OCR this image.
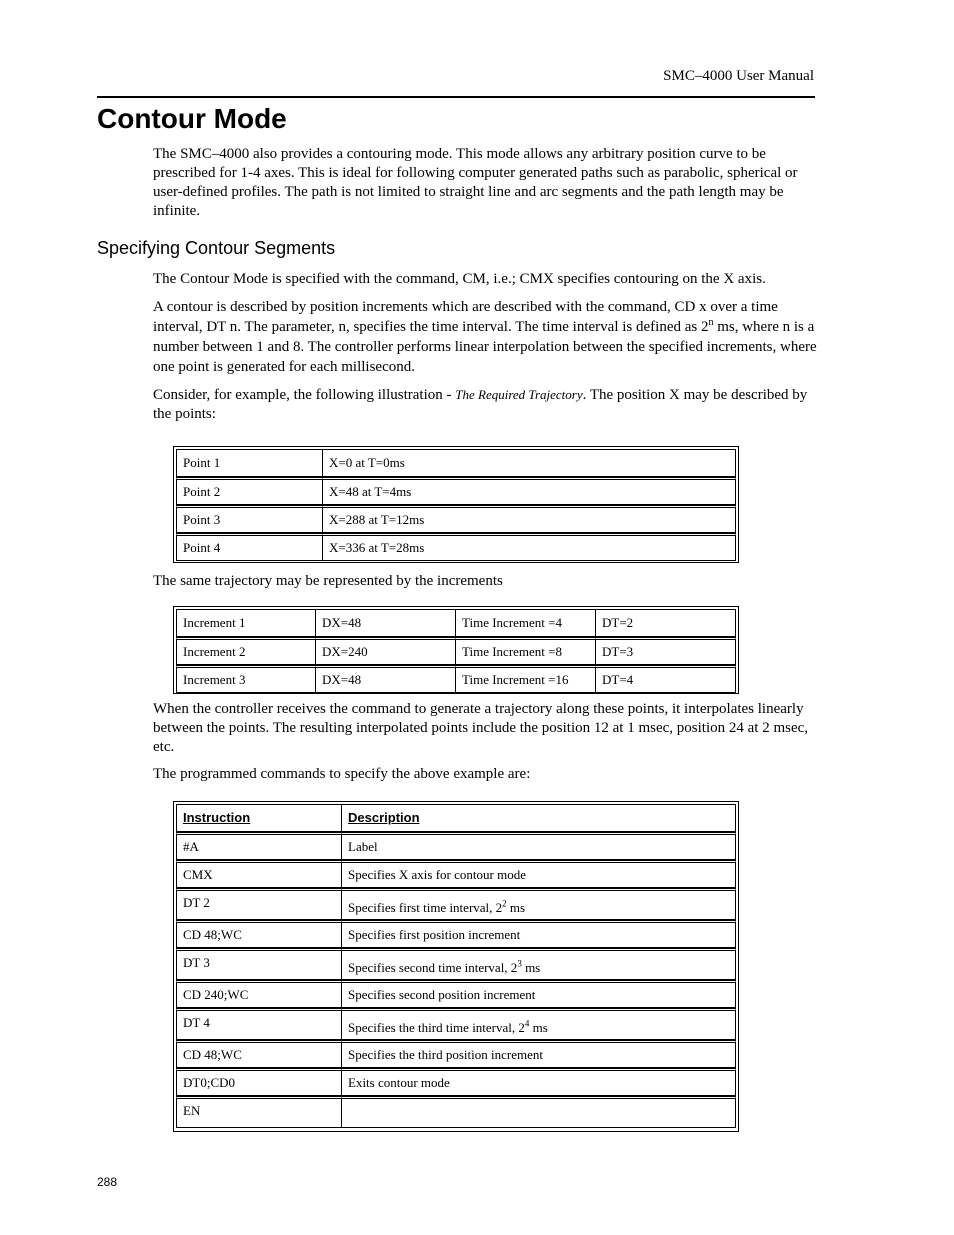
SMC–4000 User Manual
Contour Mode
The SMC–4000 also provides a contouring mode. This mode allows any arbitrary position curve to be prescribed for 1-4 axes. This is ideal for following computer generated paths such as parabolic, spherical or user-defined profiles. The path is not limited to straight line and arc segments and the path length may be infinite.
Specifying Contour Segments
The Contour Mode is specified with the command, CM, i.e.; CMX specifies contouring on the X axis.
A contour is described by position increments which are described with the command, CD x over a time interval, DT n. The parameter, n, specifies the time interval. The time interval is defined as 2$^n$ ms, where n is a number between 1 and 8. The controller performs linear interpolation between the specified increments, where one point is generated for each millisecond.
Consider, for example, the following illustration - The Required Trajectory. The position X may be described by the points:
Point 1	X=0 at T=0ms
Point 2	X=48 at T=4ms
Point 3	X=288 at T=12ms
Point 4	X=336 at T=28ms
The same trajectory may be represented by the increments
Increment 1	DX=48	Time Increment =4	DT=2
Increment 2	DX=240	Time Increment =8	DT=3
Increment 3	DX=48	Time Increment =16	DT=4
When the controller receives the command to generate a trajectory along these points, it interpolates linearly between the points. The resulting interpolated points include the position 12 at 1 msec, position 24 at 2 msec, etc.
The programmed commands to specify the above example are:
Instruction	Description
#A	Label
CMX	Specifies X axis for contour mode
DT 2	Specifies first time interval, $2^2$ ms
CD 48;WC	Specifies first position increment
DT 3	Specifies second time interval, $2^3$ ms
CD 240;WC	Specifies second position increment
DT 4	Specifies the third time interval, $2^4$ ms
CD 48;WC	Specifies the third position increment
DT0;CD0	Exits contour mode
EN	
288
